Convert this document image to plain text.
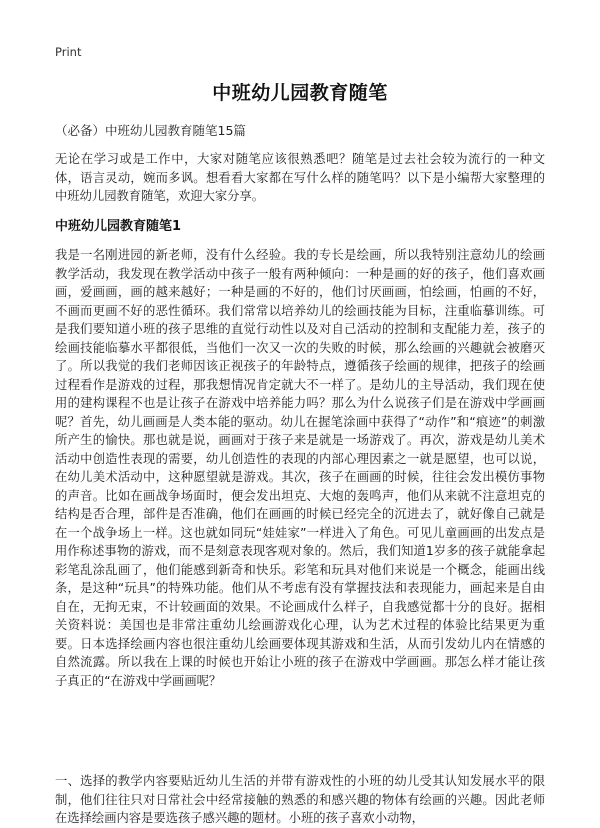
Print
中班幼儿园教育随笔
（必备）中班幼儿园教育随笔15篇
无论在学习或是工作中，大家对随笔应该很熟悉吧？随笔是过去社会较为流行的一种文体，语言灵动，婉而多讽。想看看大家都在写什么样的随笔吗？以下是小编帮大家整理的中班幼儿园教育随笔，欢迎大家分享。
中班幼儿园教育随笔1
我是一名刚进园的新老师，没有什么经验。我的专长是绘画，所以我特别注意幼儿的绘画教学活动，我发现在教学活动中孩子一般有两种倾向：一种是画的好的孩子，他们喜欢画画，爱画画，画的越来越好；一种是画的不好的，他们讨厌画画，怕绘画，怕画的不好，不画而更画不好的恶性循环。我们常常以培养幼儿的绘画技能为目标，注重临摹训练。可是我们要知道小班的孩子思维的直觉行动性以及对自己活动的控制和支配能力差，孩子的绘画技能临摹水平都很低，当他们一次又一次的失败的时候，那么绘画的兴趣就会被磨灭了。所以我觉的我们老师因该正视孩子的年龄特点，遵循孩子绘画的规律，把孩子的绘画过程看作是游戏的过程，那我想情况肯定就大不一样了。是幼儿的主导活动，我们现在使用的建构课程不也是让孩子在游戏中培养能力吗？那么为什么说孩子们是在游戏中学画画呢？首先，幼儿画画是人类本能的驱动。幼儿在握笔涂画中获得了“动作”和“痕迹”的刺激所产生的愉快。那也就是说，画画对于孩子来是就是一场游戏了。再次，游戏是幼儿美术活动中创造性表现的需要，幼儿创造性的表现的内部心理因素之一就是愿望，也可以说，在幼儿美术活动中，这种愿望就是游戏。其次，孩子在画画的时候，往往会发出模仿事物的声音。比如在画战争场面时，便会发出坦克、大炮的轰鸣声，他们从来就不注意坦克的结构是否合理，部件是否准确，他们在画画的时候已经完全的沉进去了，就好像自己就是在一个战争场上一样。这也就如同玩“娃娃家”一样进入了角色。可见儿童画画的出发点是用作称述事物的游戏，而不是刻意表现客观对象的。然后，我们知道1岁多的孩子就能拿起彩笔乱涂乱画了，他们能感到新奇和快乐。彩笔和玩具对他们来说是一个概念，能画出线条，是这种“玩具”的特殊功能。他们从不考虑有没有掌握技法和表现能力，画起来是自由自在，无拘无束，不计较画面的效果。不论画成什么样子，自我感觉都十分的良好。据相关资料说：美国也是非常注重幼儿绘画游戏化心理，认为艺术过程的体验比结果更为重要。日本选择绘画内容也很注重幼儿绘画要体现其游戏和生活，从而引发幼儿内在情感的自然流露。所以我在上课的时候也开始让小班的孩子在游戏中学画画。那怎么样才能让孩子真正的“在游戏中学画画呢？
一、选择的教学内容要贴近幼儿生活的并带有游戏性的小班的幼儿受其认知发展水平的限制，他们往往只对日常社会中经常接触的熟悉的和感兴趣的物体有绘画的兴趣。因此老师在选择绘画内容是要选孩子感兴趣的题材。小班的孩子喜欢小动物，
